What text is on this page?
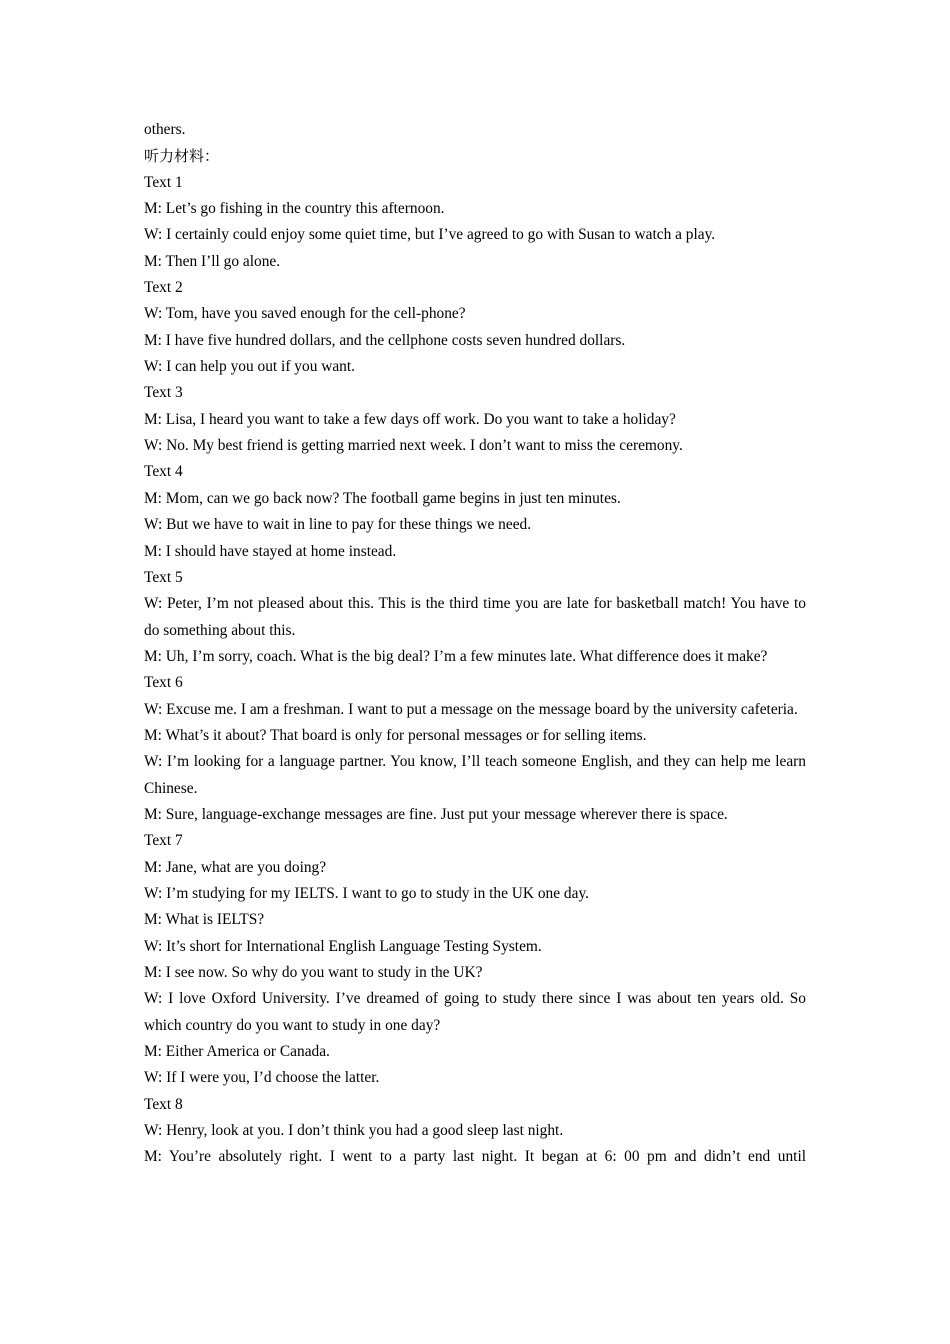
others.
听力材料：
Text 1
M: Let’s go fishing in the country this afternoon.
W: I certainly could enjoy some quiet time, but I’ve agreed to go with Susan to watch a play.
M: Then I’ll go alone.
Text 2
W: Tom, have you saved enough for the cell-phone?
M: I have five hundred dollars, and the cellphone costs seven hundred dollars.
W: I can help you out if you want.
Text 3
M: Lisa, I heard you want to take a few days off work. Do you want to take a holiday?
W: No. My best friend is getting married next week. I don’t want to miss the ceremony.
Text 4
M: Mom, can we go back now? The football game begins in just ten minutes.
W: But we have to wait in line to pay for these things we need.
M: I should have stayed at home instead.
Text 5
W: Peter, I’m not pleased about this. This is the third time you are late for basketball match! You have to do something about this.
M: Uh, I’m sorry, coach. What is the big deal? I’m a few minutes late. What difference does it make?
Text 6
W: Excuse me. I am a freshman. I want to put a message on the message board by the university cafeteria.
M: What’s it about? That board is only for personal messages or for selling items.
W: I’m looking for a language partner. You know, I’ll teach someone English, and they can help me learn Chinese.
M: Sure, language-exchange messages are fine. Just put your message wherever there is space.
Text 7
M: Jane, what are you doing?
W: I’m studying for my IELTS. I want to go to study in the UK one day.
M: What is IELTS?
W: It’s short for International English Language Testing System.
M: I see now. So why do you want to study in the UK?
W: I love Oxford University. I’ve dreamed of going to study there since I was about ten years old. So which country do you want to study in one day?
M: Either America or Canada.
W: If I were you, I’d choose the latter.
Text 8
W: Henry, look at you. I don’t think you had a good sleep last night.
M: You’re absolutely right. I went to a party last night. It began at 6: 00 pm and didn’t end until
